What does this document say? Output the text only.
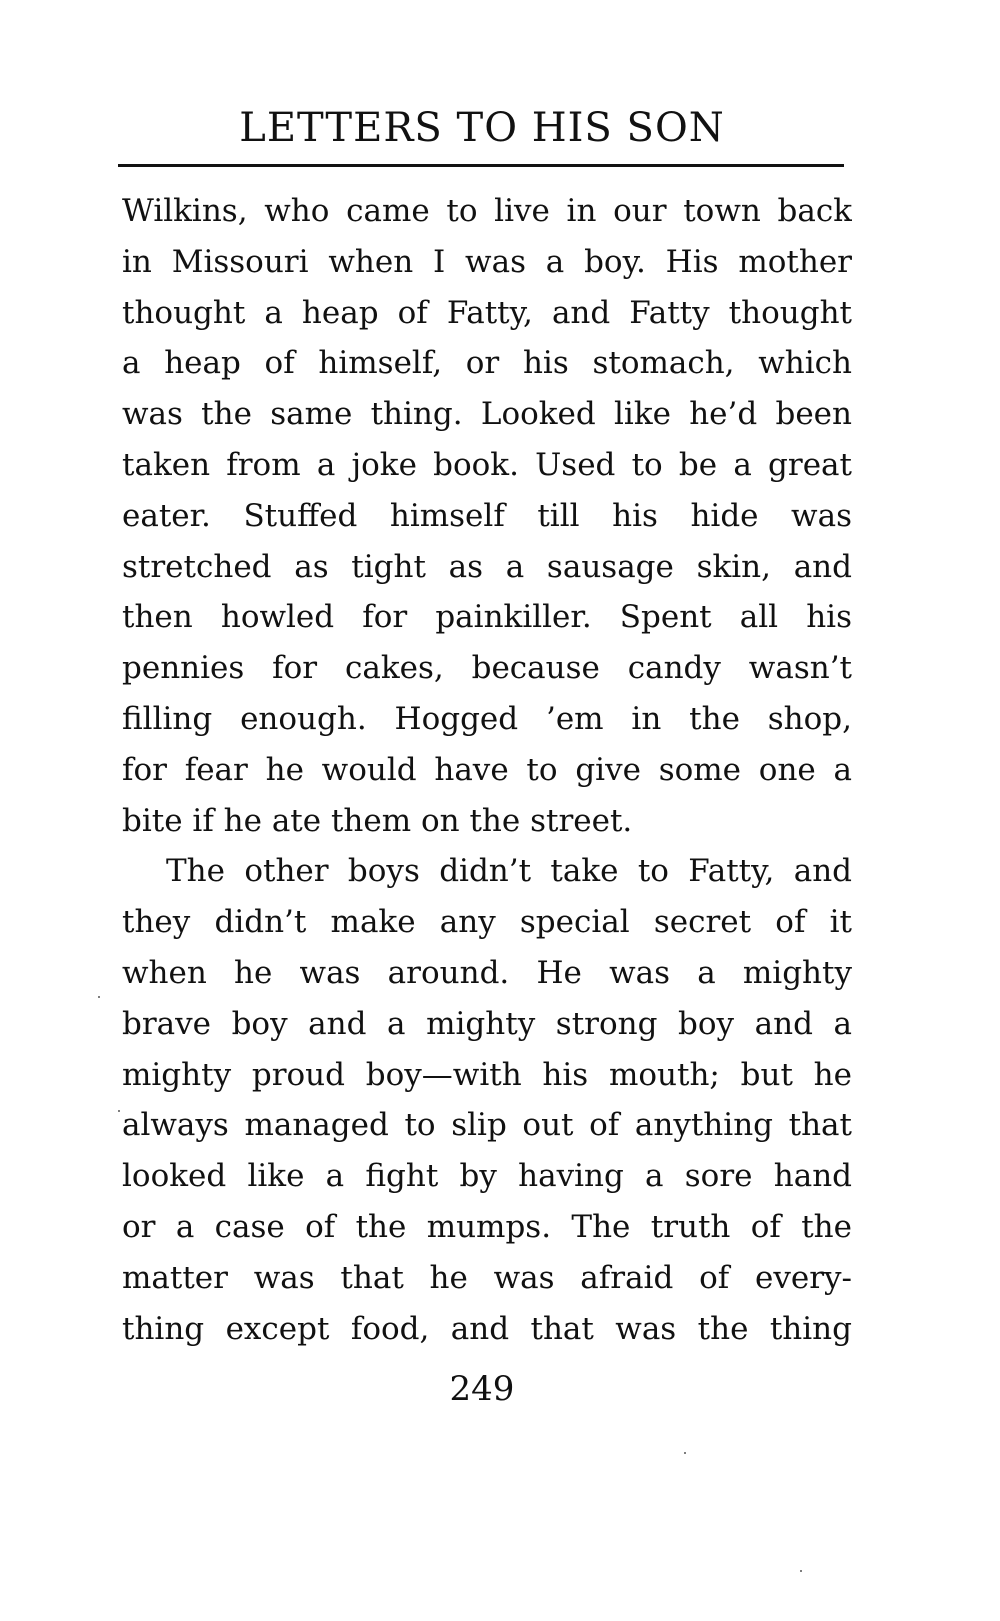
LETTERS TO HIS SON
Wilkins, who came to live in our town back
in Missouri when I was a boy. His mother
thought a heap of Fatty, and Fatty thought
a heap of himself, or his stomach, which
was the same thing. Looked like he’d been
taken from a joke book. Used to be a great
eater. Stuffed himself till his hide was
stretched as tight as a sausage skin, and
then howled for painkiller. Spent all his
pennies for cakes, because candy wasn’t
filling enough. Hogged ’em in the shop,
for fear he would have to give some one a
bite if he ate them on the street.
The other boys didn’t take to Fatty, and
they didn’t make any special secret of it
when he was around. He was a mighty
brave boy and a mighty strong boy and a
mighty proud boy—with his mouth; but he
always managed to slip out of anything that
looked like a fight by having a sore hand
or a case of the mumps. The truth of the
matter was that he was afraid of every-
thing except food, and that was the thing
249
